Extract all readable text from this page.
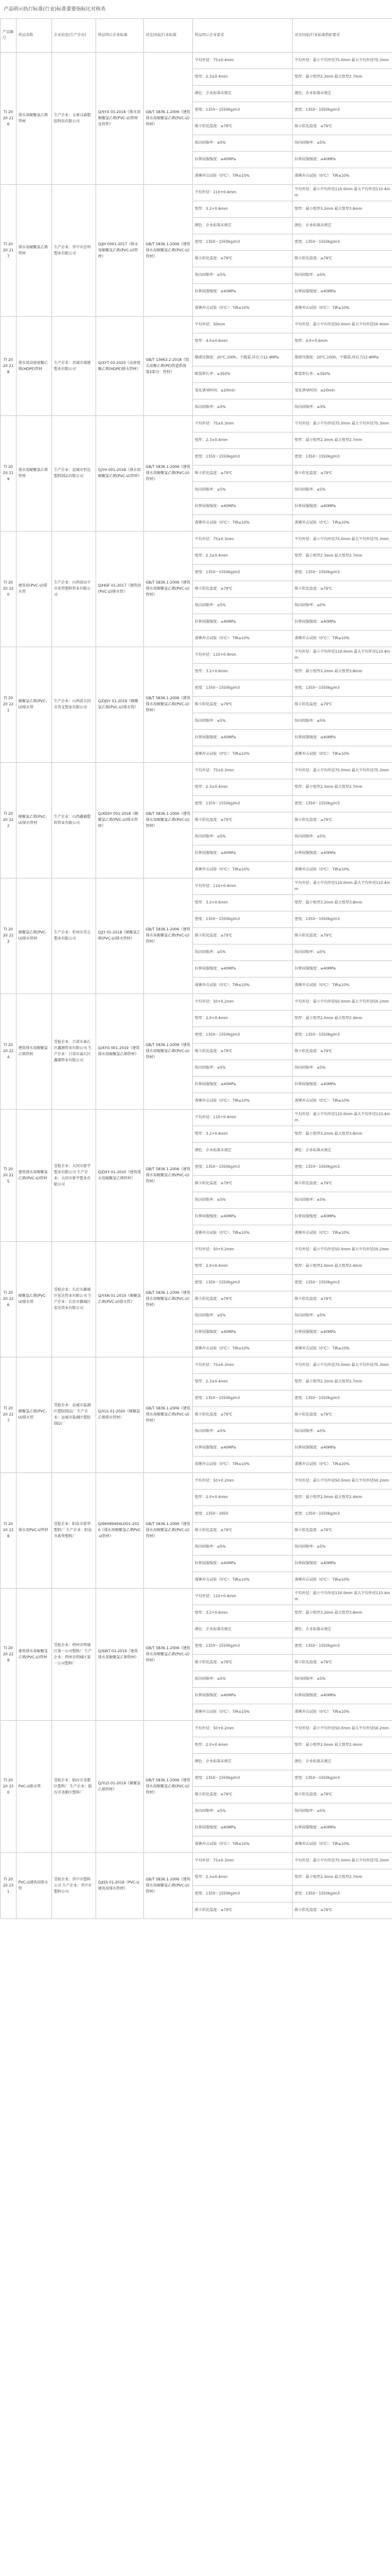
产品明示执行标准(行业)标准重要指标比对核表
产品编号	样品名称	企业信息(生产企业)	样品明示企业标准	对比国家/行业标准	样品明示企业要求	对应国家/行业标准指标要求
TI 20 20 21 6	排水用硬聚氯乙烯管材	生产企业：太原汉森塑胶科技有限公司	Q/SYX 03-2018《排水用硬聚氯乙烯(PVC-U)管材及管件》	GB/T 5836.1-2006《建筑排水用硬聚氯乙烯(PVC-U)管材》	平均外径：75±0.4mm	平均外径：最小平均外径75.0mm 最大平均外径75.3mm
					壁厚：2.3±0.4mm	壁厚：最小壁厚2.3mm 最大壁厚2.7mm
					颜色：企业标准未规定	颜色：企业标准未规定
					密度：1350～1550kg/m3	密度：1350～1550kg/m3
					维卡软化温度：≥79℃	维卡软化温度：≥79℃
					纵向回缩率：≤5%	纵向回缩率：≤5%
					拉伸屈服强度：≥40MPa	拉伸屈服强度：≥40MPa
					落锤冲击试验（0℃）：TIR≤10%	落锤冲击试验（0℃）：TIR≤10%
TI 20 20 21 7	排水用硬聚氯乙烯管材	生产企业：晋中市忠明塑业有限公司	Q/JH 0001-2017《排水用硬聚氯乙烯(PVC-U)管材》	GB/T 5836.1-2006《建筑排水用硬聚氯乙烯(PVC-U)管材》	平均外径：110+0.4mm	平均外径：最小平均外径110.0mm 最大平均外径110.4mm
					壁厚：3.2+0.6mm	壁厚：最小壁厚3.2mm 最大壁厚3.8mm
					颜色：企业标准未规定	颜色：企业标准未规定
					密度：1350～1550kg/m3	密度：1350～1550kg/m3
					维卡软化温度：≥79℃	维卡软化温度：≥79℃
					纵向回缩率：≤5%	纵向回缩率：≤5%
					拉伸屈服强度：≥40MPa	拉伸屈服强度：≥40MPa
					落锤冲击试验（0℃）：TIR≤10%	落锤冲击试验（0℃）：TIR≤10%
TI 20 20 21 8	排水用高密度聚乙烯(HDPE)管材	生产企业：晋城市城建塑业有限公司	Q/XYT 03-2020《高密度聚乙烯(HDPE)排水管材》	GB/T 13663.2-2018《给水用聚乙烯(PE)管道系统 第2部分：管材》	平均外径：50mm	平均外径：最小平均外径50.0mm 最大平均外径50.4mm
					壁厚：4.0±0.6mm	壁厚：4.0+0.6mm
					静液压强度：20℃,100h，不破裂,环应力12.4MPa	静液压强度：20℃,100h，不破裂,环应力12.4MPa
					断裂伸长率：≥350%	断裂伸长率：≥350%
					氧化诱导时间：≥20min	氧化诱导时间：≥20min
					纵向回缩率：≤3%	纵向回缩率：≤3%
TI 20 20 21 9	排水用硬聚氯乙烯管材	生产企业：运城市恒达塑料制品有限公司	Q/YH 001-2018《排水用硬聚氯乙烯(PVC-U)管材》	GB/T 5836.1-2006《建筑排水用硬聚氯乙烯(PVC-U)管材》	平均外径：75±0.3mm	平均外径：最小平均外径75.0mm 最大平均外径75.3mm
					壁厚：2.3±0.4mm	壁厚：最小壁厚2.3mm 最大壁厚2.7mm
					密度：1350～1550kg/m3	密度：1350～1550kg/m3
					维卡软化温度：≥79℃	维卡软化温度：≥79℃
					纵向回缩率：≤5%	纵向回缩率：≤5%
					拉伸屈服强度：≥40MPa	拉伸屈服强度：≥40MPa
					落锤冲击试验（0℃）：TIR≤10%	落锤冲击试验（0℃）：TIR≤10%
TI 20 20 22 0	建筑用(PVC-U)排水管	生产企业：山西省高平市宏伟塑料管业有限公司	Q/HGF 01-2017《建筑用(PVC-U)排水管》	GB/T 5836.1-2006《建筑排水用硬聚氯乙烯(PVC-U)管材》	平均外径：75±0.3mm	平均外径：最小平均外径75.0mm 最大平均外径75.3mm
					壁厚：2.3±0.4mm	壁厚：最小壁厚2.3mm 最大壁厚2.7mm
					密度：1350～1550kg/m3	密度：1350～1550kg/m3
					维卡软化温度：≥79℃	维卡软化温度：≥79℃
					纵向回缩率：≤5%	纵向回缩率：≤5%
					拉伸屈服强度：≥40MPa	拉伸屈服强度：≥40MPa
					落锤冲击试验（0℃）：TIR≤10%	落锤冲击试验（0℃）：TIR≤10%
TI 20 20 22 1	硬聚氯乙烯(PVC-U)排水管	生产企业：山西省大同市晋北塑业有限公司	Q/DJSY 01-2019《硬聚氯乙烯(PVC-U)排水管》	GB/T 5836.1-2006《建筑排水用硬聚氯乙烯(PVC-U)管材》	平均外径：110+0.4mm	平均外径：最小平均外径110.0mm 最大平均外径110.4mm
					壁厚：3.2+0.6mm	壁厚：最小壁厚3.2mm 最大壁厚3.8mm
					密度：1350～1550kg/m3	密度：1350～1550kg/m3
					维卡软化温度：≥79℃	维卡软化温度：≥79℃
					纵向回缩率：≤5%	纵向回缩率：≤5%
					拉伸屈服强度：≥40MPa	拉伸屈服强度：≥40MPa
					落锤冲击试验（0℃）：TIR≤10%	落锤冲击试验（0℃）：TIR≤10%
TI 20 20 22 2	硬聚氯乙烯(PVC-U)排水管材	生产企业：山西鑫德塑料管业有限公司	Q/XDSY 001-2018《硬聚氯乙烯(PVC-U)排水管材》	GB/T 5836.1-2006《建筑排水用硬聚氯乙烯(PVC-U)管材》	平均外径：75±0.3mm	平均外径：最小平均外径75.0mm 最大平均外径75.3mm
					壁厚：2.3±0.4mm	壁厚：最小壁厚2.3mm 最大壁厚2.7mm
					密度：1350～1550kg/m3	密度：1350～1550kg/m3
					维卡软化温度：≥79℃	维卡软化温度：≥79℃
					纵向回缩率：≤5%	纵向回缩率：≤5%
					拉伸屈服强度：≥40MPa	拉伸屈服强度：≥40MPa
					落锤冲击试验（0℃）：TIR≤10%	落锤冲击试验（0℃）：TIR≤10%
TI 20 20 22 3	硬聚氯乙烯(PVC-U)排水管材	生产企业：忻州市晋元塑业有限公司	Q/JY 01-2018《硬聚氯乙烯(PVC-U)排水管材》	GB/T 5836.1-2006《建筑排水用硬聚氯乙烯(PVC-U)管材》	平均外径：110+0.4mm	平均外径：最小平均外径110.0mm 最大平均外径110.4mm
					壁厚：3.2+0.6mm	壁厚：最小壁厚3.2mm 最大壁厚3.8mm
					密度：1350～1550kg/m3	密度：1350～1550kg/m3
					维卡软化温度：≥79℃	维卡软化温度：≥79℃
					纵向回缩率：≤5%	纵向回缩率：≤5%
					拉伸屈服强度：≥40MPa	拉伸屈服强度：≥40MPa
					落锤冲击试验（0℃）：TIR≤10%	落锤冲击试验（0℃）：TIR≤10%
TI 20 20 22 4	建筑排水用硬聚氯乙烯管材	受检企业：吕梁市离石区鑫源管业有限公司 生产企业：吕梁市离石区鑫源管业有限公司	Q/XYG 001-2019《建筑排水用硬聚氯乙烯管材》	GB/T 5836.1-2006《建筑排水用硬聚氯乙烯(PVC-U)管材》	平均外径：50+0.2mm	平均外径：最小平均外径50.0mm 最大平均外径50.2mm
					壁厚：2.0+0.4mm	壁厚：最小壁厚2.0mm 最大壁厚2.4mm
					密度：1350～1550kg/m3	密度：1350～1550kg/m3
					维卡软化温度：≥79℃	维卡软化温度：≥79℃
					纵向回缩率：≤5%	纵向回缩率：≤5%
					拉伸屈服强度：≥40MPa	拉伸屈服强度：≥40MPa
					落锤冲击试验（0℃）：TIR≤10%	落锤冲击试验（0℃）：TIR≤10%
TI 20 20 22 5	建筑排水用硬聚氯乙烯(PVC-U)管材	受检企业：大同市新宇塑业有限公司 生产企业：大同市新宇塑业有限公司	Q/DXY 01-2020《建筑排水用硬聚氯乙烯管材》	GB/T 5836.1-2006《建筑排水用硬聚氯乙烯(PVC-U)管材》	平均外径：110+0.4mm	平均外径：最小平均外径110.0mm 最大平均外径110.4mm
					壁厚：3.2+0.6mm	壁厚：最小壁厚3.2mm 最大壁厚3.8mm
					颜色：企业标准未规定	颜色：企业标准未规定
					密度：1350～1550kg/m3	密度：1350～1550kg/m3
					维卡软化温度：≥79℃	维卡软化温度：≥79℃
					纵向回缩率：≤5%	纵向回缩率：≤5%
					拉伸屈服强度：≥40MPa	拉伸屈服强度：≥40MPa
					落锤冲击试验（0℃）：TIR≤10%	落锤冲击试验（0℃）：TIR≤10%
TI 20 20 22 6	硬聚氯乙烯(PVC-U)排水管	受检企业：长治市潞城区宏达管业有限公司 生产企业：长治市潞城区宏达管业有限公司	Q/YXN 01-2019《硬聚氯乙烯(PVC-U)排水管》	GB/T 5836.1-2006《建筑排水用硬聚氯乙烯(PVC-U)管材》	平均外径：50+0.2mm	平均外径：最小平均外径50.0mm 最大平均外径50.2mm
					壁厚：2.0+0.4mm	壁厚：最小壁厚2.0mm 最大壁厚2.4mm
					密度：1350～1550kg/m3	密度：1350～1550kg/m3
					维卡软化温度：≥79℃	维卡软化温度：≥79℃
					纵向回缩率：≤5%	纵向回缩率：≤5%
					拉伸屈服强度：≥40MPa	拉伸屈服强度：≥40MPa
					落锤冲击试验（0℃）：TIR≤10%	落锤冲击试验（0℃）：TIR≤10%
TI 20 20 22 7	硬聚氯乙烯(PVC-U)排水管	受检企业：运城市盐湖区塑胶制品厂 生产企业：运城市盐湖区塑胶制品厂	Q/YLS 01-2020《硬聚氯乙烯排水管材》	GB/T 5836.1-2006《建筑排水用硬聚氯乙烯(PVC-U)管材》	平均外径：75±0.3mm	平均外径：最小平均外径75.0mm 最大平均外径75.3mm
					壁厚：2.3±0.4mm	壁厚：最小壁厚2.3mm 最大壁厚2.7mm
					密度：1350～1550kg/m3	密度：1350～1550kg/m3
					维卡软化温度：≥79℃	维卡软化温度：≥79℃
					纵向回缩率：≤5%	纵向回缩率：≤5%
					拉伸屈服强度：≥40MPa	拉伸屈服强度：≥40MPa
					落锤冲击试验（0℃）：TIR≤10%	落锤冲击试验（0℃）：TIR≤10%
TI 20 20 22 8	排水用PVC-U管材	受检企业：阳泉市新华塑料厂 生产企业：阳泉市新华塑料厂	Q/96069404LOO1-2020《排水用硬聚氯乙烯PVC-U管材》	GB/T 5836.1-2006《建筑排水用硬聚氯乙烯(PVC-U)管材》	平均外径：50+0.2mm	平均外径：最小平均外径50.0mm 最大平均外径50.2mm
					壁厚：2.0+0.4mm	壁厚：最小壁厚2.0mm 最大壁厚2.4mm
					密度：1350～1650	密度：1350～1550kg/m3
					维卡软化温度：≥79℃	维卡软化温度：≥79℃
					纵向回缩率：≤5%	纵向回缩率：≤5%
					拉伸屈服强度：≥40MPa	拉伸屈服强度：≥40MPa
					落锤冲击试验（0℃）：TIR≤10%	落锤冲击试验（0℃）：TIR≤10%
TI 20 20 22 9	建筑排水用硬聚氯乙烯(PVC-U)管材	受检企业：朔州市朔城区第一公司塑料厂 生产企业：朔州市朔城区第一公司塑料厂	Q/SWT 03-2019《建筑排水用硬聚氯乙烯管材》	GB/T 5836.1-2006《建筑排水用硬聚氯乙烯(PVC-U)管材》	平均外径：110+0.4mm	平均外径：最小平均外径110.0mm 最大平均外径110.4mm
					壁厚：3.2+0.6mm	壁厚：最小壁厚3.2mm 最大壁厚3.8mm
					颜色：企业标准未规定	颜色：企业标准未规定
					密度：1350～1550kg/m3	密度：1350～1550kg/m3
					维卡软化温度：≥79℃	维卡软化温度：≥79℃
					纵向回缩率：≤5%	纵向回缩率：≤5%
					拉伸屈服强度：≥40MPa	拉伸屈服强度：≥40MPa
					落锤冲击试验（0℃）：TIR≤10%	落锤冲击试验（0℃）：TIR≤10%
TI 20 20 23 0	PVC-U排水管	受检企业：临汾市尧都区塑料厂 生产企业：临汾市尧都区塑料厂	Q/YLD 01-2019《硬聚氯乙烯管材》	GB/T 5836.1-2006《建筑排水用硬聚氯乙烯(PVC-U)管材》	平均外径：50+0.2mm	平均外径：最小平均外径50.0mm 最大平均外径50.2mm
					壁厚：2.0+0.4mm	壁厚：最小壁厚2.0mm 最大壁厚2.4mm
					颜色：企业标准未规定	颜色：企业标准未规定
					密度：1350～1550kg/m3	密度：1350～1550kg/m3
					维卡软化温度：≥79℃	维卡软化温度：≥79℃
					纵向回缩率：≤5%	纵向回缩率：≤5%
					拉伸屈服强度：≥40MPa	拉伸屈服强度：≥40MPa
					落锤冲击试验（0℃）：TIR≤10%	落锤冲击试验（0℃）：TIR≤10%
TI 20 20 23 1	PVC-U建筑用排水管	受检企业：晋中市塑料公司 生产企业：晋中市塑料公司	Q/JSS 01-2018《PVC-U建筑用排水管材》	GB/T 5836.1-2006《建筑排水用硬聚氯乙烯(PVC-U)管材》	平均外径：75±0.3mm	平均外径：最小平均外径75.0mm 最大平均外径75.3mm
					壁厚：2.3±0.4mm	壁厚：最小壁厚2.3mm 最大壁厚2.7mm
					密度：1350～1550kg/m3	密度：1350～1550kg/m3
					维卡软化温度：≥79℃	维卡软化温度：≥79℃
